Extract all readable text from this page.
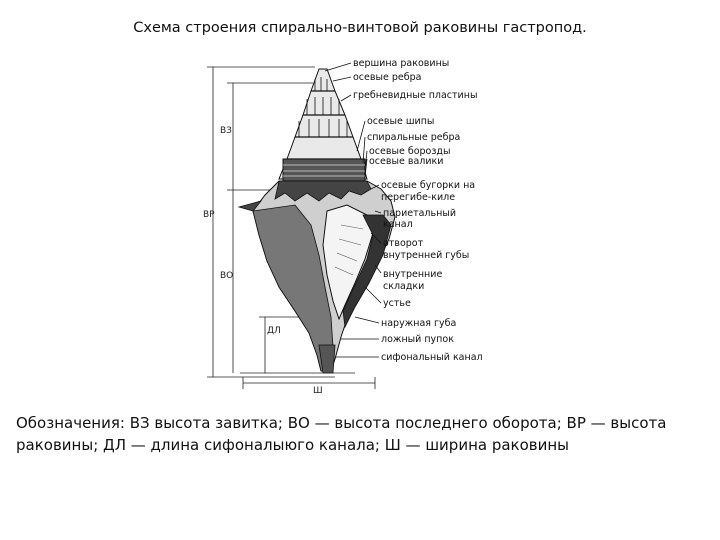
Схема строения спирально-винтовой раковины гастропод.
ВЗ
ВР
ВО
ДЛ
Ш
вершина раковины
осевые ребра
гребневидные пластины
осевые шипы
спиральные ребра
осевые борозды
осевые валики
осевые бугорки на
перегибе-киле
париетальный
канал
отворот
внутренней губы
внутренние
складки
устье
наружная губа
ложный пупок
сифональный канал
Обозначения: ВЗ высота завитка; ВО — высота последнего оборота; ВР — высота
раковины; ДЛ — длина сифоналыюго канала; Ш — ширина раковины
